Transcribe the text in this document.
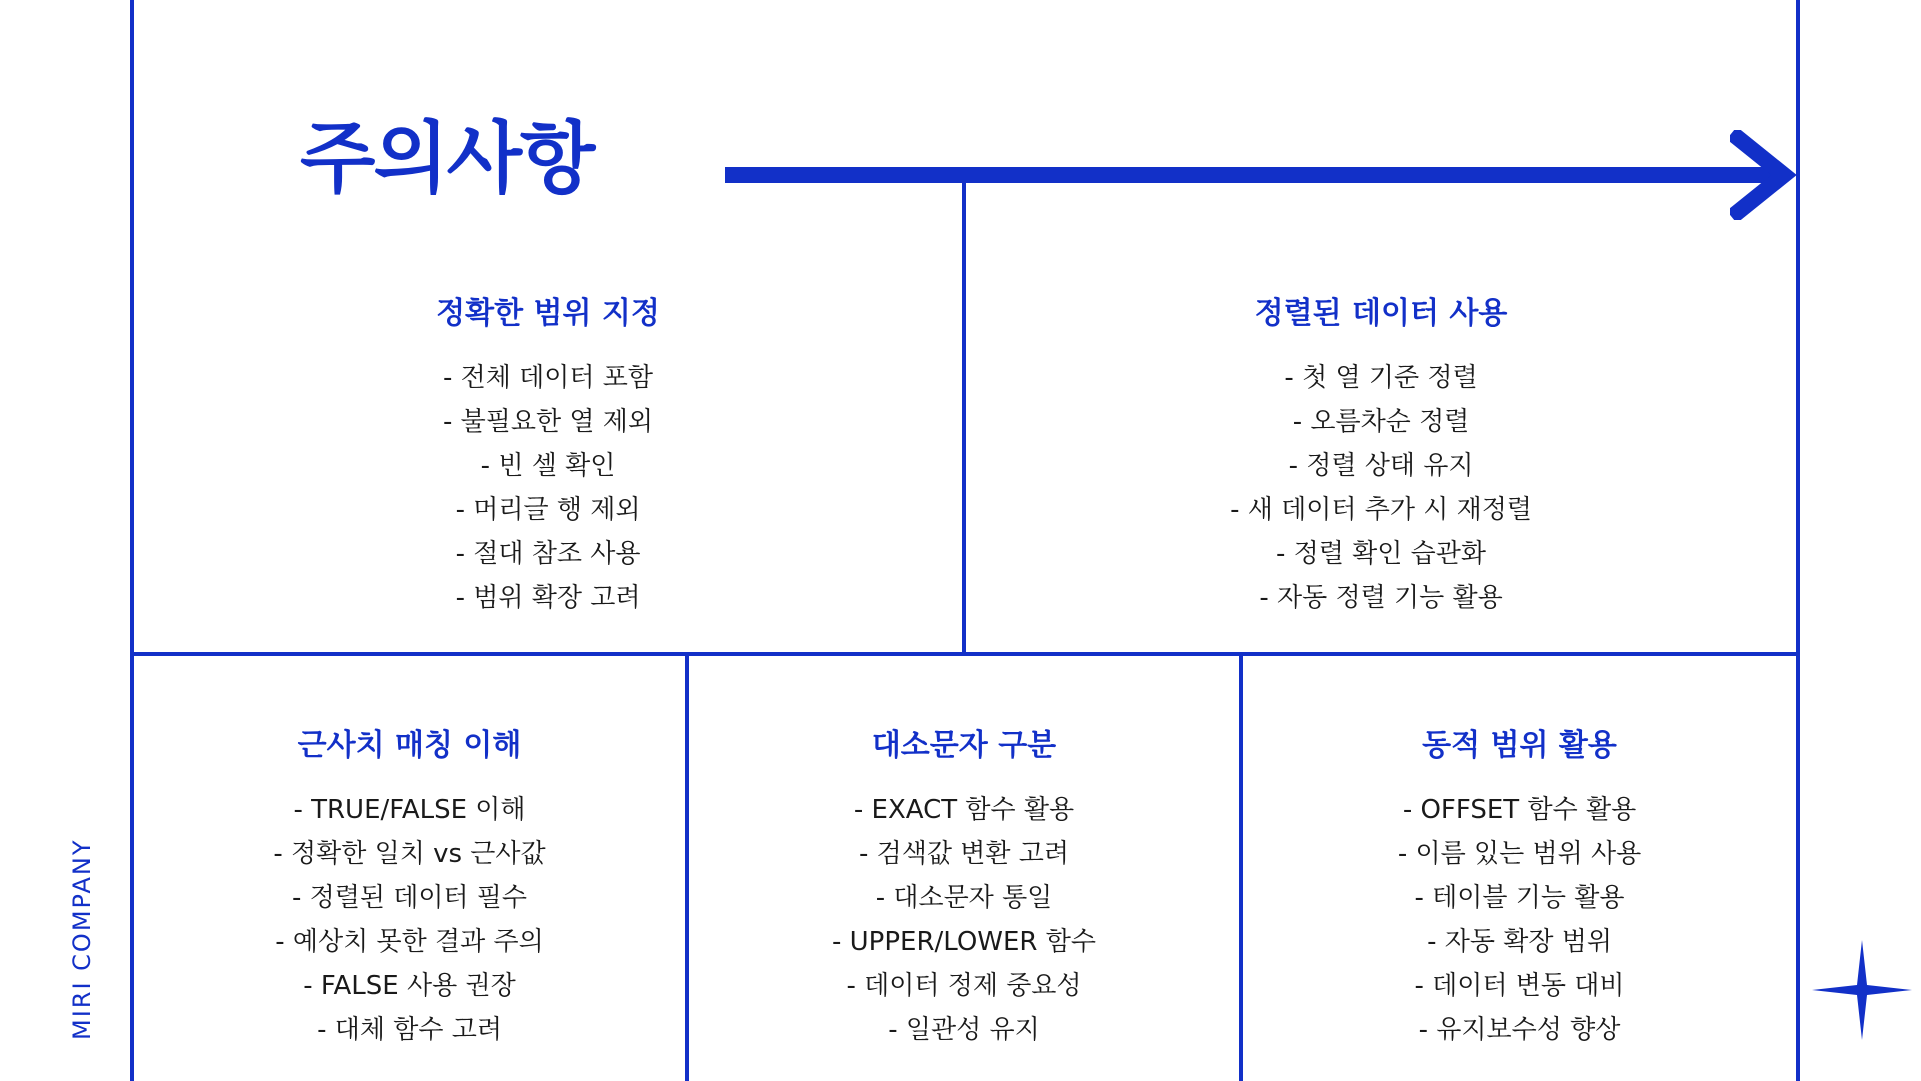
주의사항
MIRI COMPANY
정확한 범위 지정
- 전체 데이터 포함
- 불필요한 열 제외
- 빈 셀 확인
- 머리글 행 제외
- 절대 참조 사용
- 범위 확장 고려
정렬된 데이터 사용
- 첫 열 기준 정렬
- 오름차순 정렬
- 정렬 상태 유지
- 새 데이터 추가 시 재정렬
- 정렬 확인 습관화
- 자동 정렬 기능 활용
근사치 매칭 이해
- TRUE/FALSE 이해
- 정확한 일치 vs 근사값
- 정렬된 데이터 필수
- 예상치 못한 결과 주의
- FALSE 사용 권장
- 대체 함수 고려
대소문자 구분
- EXACT 함수 활용
- 검색값 변환 고려
- 대소문자 통일
- UPPER/LOWER 함수
- 데이터 정제 중요성
- 일관성 유지
동적 범위 활용
- OFFSET 함수 활용
- 이름 있는 범위 사용
- 테이블 기능 활용
- 자동 확장 범위
- 데이터 변동 대비
- 유지보수성 향상
